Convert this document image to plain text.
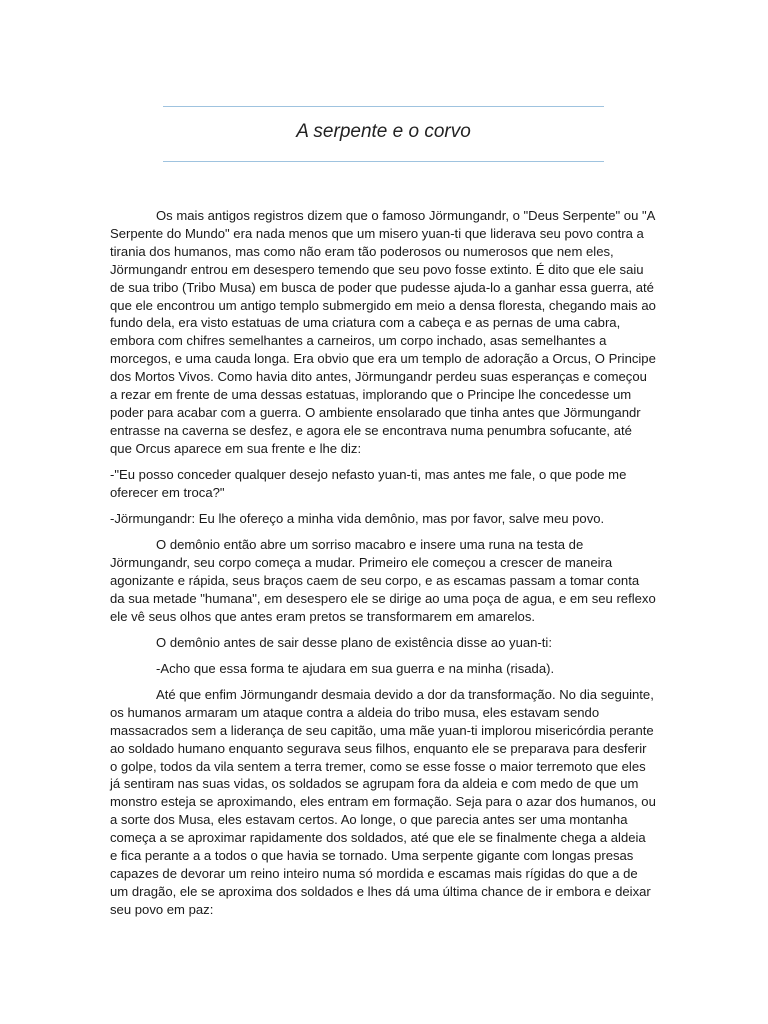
A serpente e o corvo

Os mais antigos registros dizem que o famoso Jörmungandr, o "Deus Serpente" ou "A Serpente do Mundo" era nada menos que um misero yuan-ti que liderava seu povo contra a tirania dos humanos, mas como não eram tão poderosos ou numerosos que nem eles, Jörmungandr entrou em desespero temendo que seu povo fosse extinto. É dito que ele saiu de sua tribo (Tribo Musa) em busca de poder que pudesse ajuda-lo a ganhar essa guerra, até que ele encontrou um antigo templo submergido em meio a densa floresta, chegando mais ao fundo dela, era visto estatuas de uma criatura com a cabeça e as pernas de uma cabra, embora com chifres semelhantes a carneiros, um corpo inchado, asas semelhantes a morcegos, e uma cauda longa. Era obvio que era um templo de adoração a Orcus, O Principe dos Mortos Vivos. Como havia dito antes, Jörmungandr perdeu suas esperanças e começou a rezar em frente de uma dessas estatuas, implorando que o Principe lhe concedesse um poder para acabar com a guerra. O ambiente ensolarado que tinha antes que Jörmungandr entrasse na caverna se desfez, e agora ele se encontrava numa penumbra sofucante, até que Orcus aparece em sua frente e lhe diz:

-"Eu posso conceder qualquer desejo nefasto yuan-ti, mas antes me fale, o que pode me oferecer em troca?"

-Jörmungandr: Eu lhe ofereço a minha vida demônio, mas por favor, salve meu povo.

O demônio então abre um sorriso macabro e insere uma runa na testa de Jörmungandr, seu corpo começa a mudar. Primeiro ele começou a crescer de maneira agonizante e rápida, seus braços caem de seu corpo, e as escamas passam a tomar conta da sua metade "humana", em desespero ele se dirige ao uma poça de agua, e em seu reflexo ele vê seus olhos que antes eram pretos se transformarem em amarelos.

O demônio antes de sair desse plano de existência disse ao yuan-ti:

-Acho que essa forma te ajudara em sua guerra e na minha (risada).

Até que enfim Jörmungandr desmaia devido a dor da transformação. No dia seguinte, os humanos armaram um ataque contra a aldeia do tribo musa, eles estavam sendo massacrados sem a liderança de seu capitão, uma mãe yuan-ti implorou misericórdia perante ao soldado humano enquanto segurava seus filhos, enquanto ele se preparava para desferir o golpe, todos da vila sentem a terra tremer, como se esse fosse o maior terremoto que eles já sentiram nas suas vidas, os soldados se agrupam fora da aldeia e com medo de que um monstro esteja se aproximando, eles entram em formação. Seja para o azar dos humanos, ou a sorte dos Musa, eles estavam certos. Ao longe, o que parecia antes ser uma montanha começa a se aproximar rapidamente dos soldados, até que ele se finalmente chega a aldeia e fica perante a a todos o que havia se tornado. Uma serpente gigante com longas presas capazes de devorar um reino inteiro numa só mordida e escamas mais rígidas do que a de um dragão, ele se aproxima dos soldados e lhes dá uma última chance de ir embora e deixar seu povo em paz:
